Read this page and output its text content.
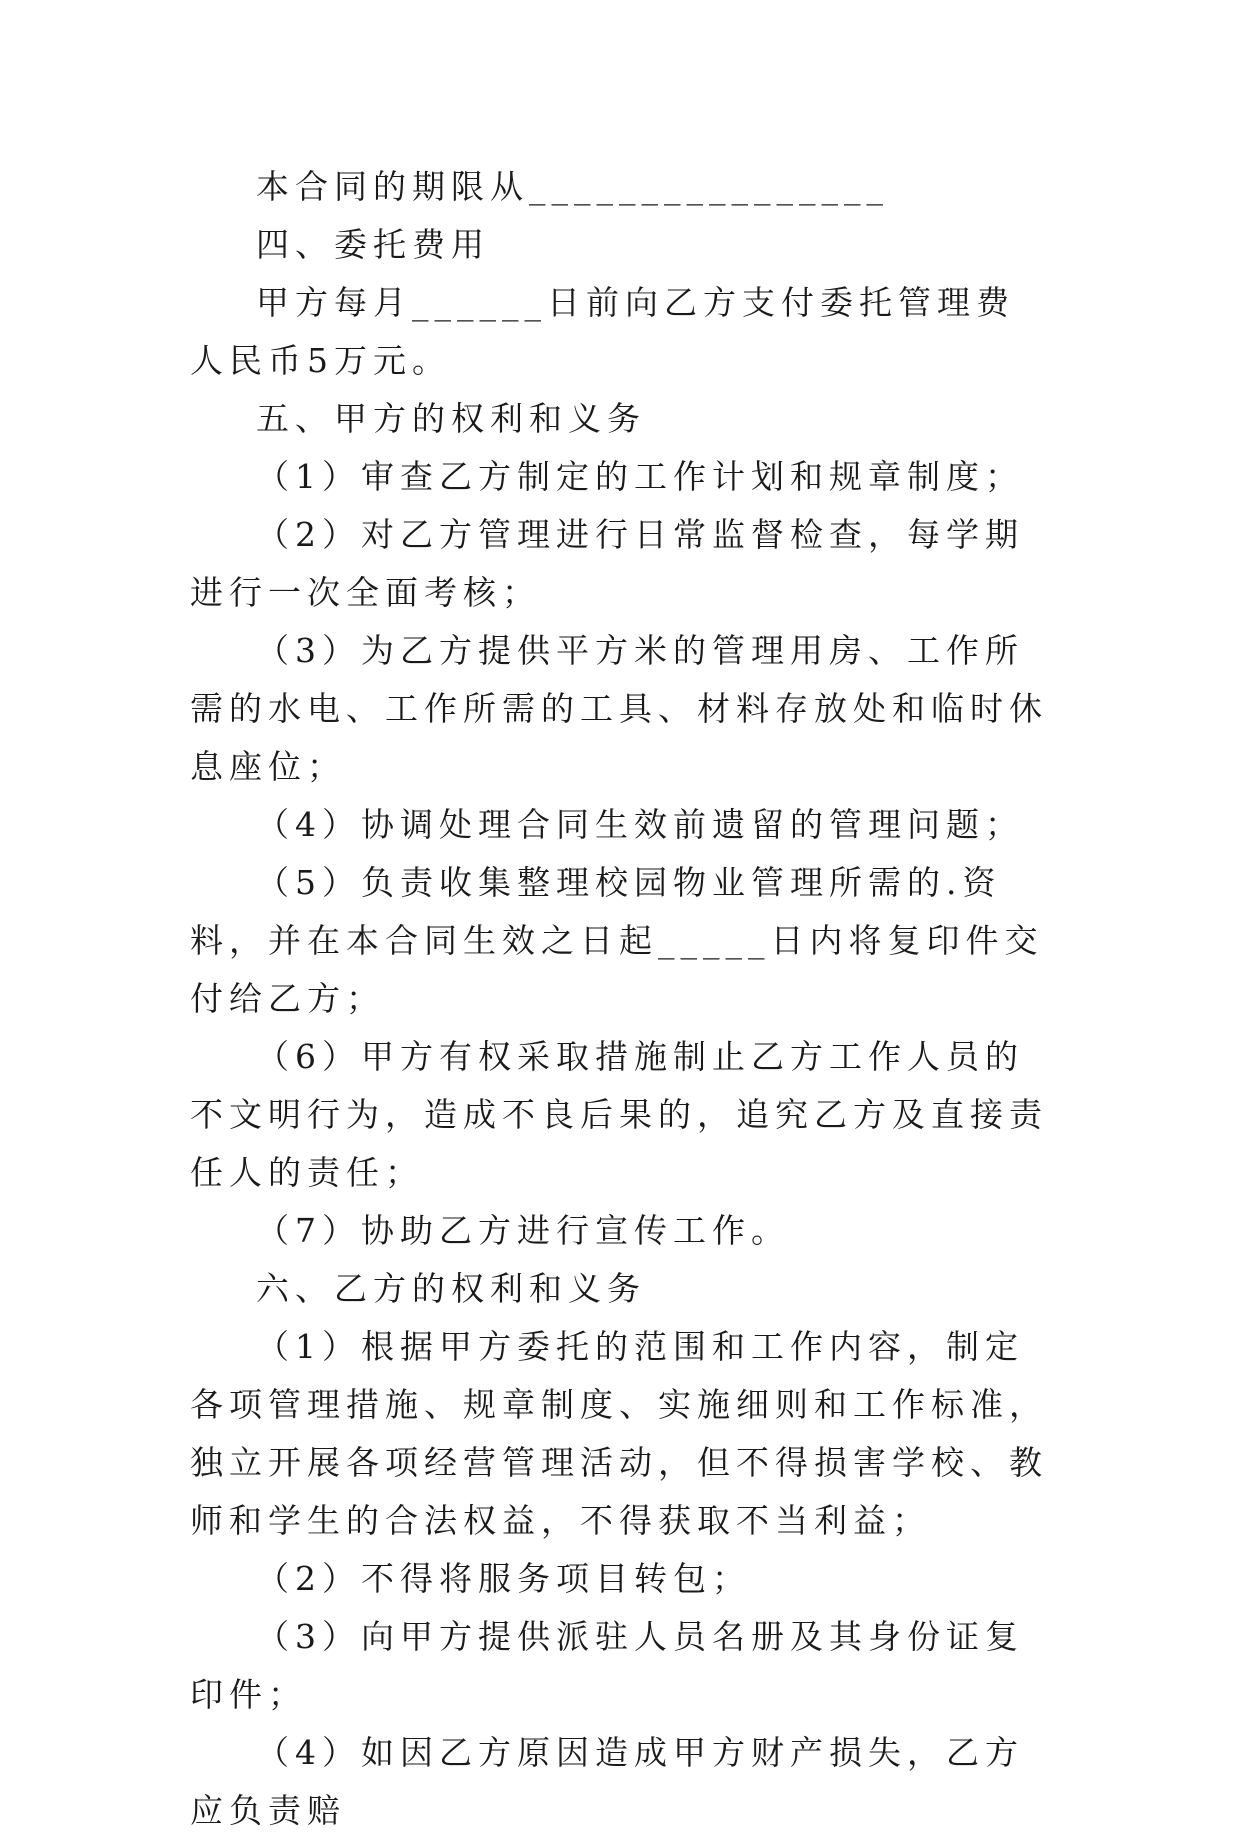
本合同的期限从________________

四、委托费用

甲方每月______日前向乙方支付委托管理费人民币5万元。

五、甲方的权利和义务

（1）审查乙方制定的工作计划和规章制度；

（2）对乙方管理进行日常监督检查，每学期进行一次全面考核；

（3）为乙方提供平方米的管理用房、工作所需的水电、工作所需的工具、材料存放处和临时休息座位；

（4）协调处理合同生效前遗留的管理问题；

（5）负责收集整理校园物业管理所需的.资料，并在本合同生效之日起_____日内将复印件交付给乙方；

（6）甲方有权采取措施制止乙方工作人员的不文明行为，造成不良后果的，追究乙方及直接责任人的责任；

（7）协助乙方进行宣传工作。

六、乙方的权利和义务

（1）根据甲方委托的范围和工作内容，制定各项管理措施、规章制度、实施细则和工作标准，独立开展各项经营管理活动，但不得损害学校、教师和学生的合法权益，不得获取不当利益；

（2）不得将服务项目转包；

（3）向甲方提供派驻人员名册及其身份证复印件；

（4）如因乙方原因造成甲方财产损失，乙方应负责赔
